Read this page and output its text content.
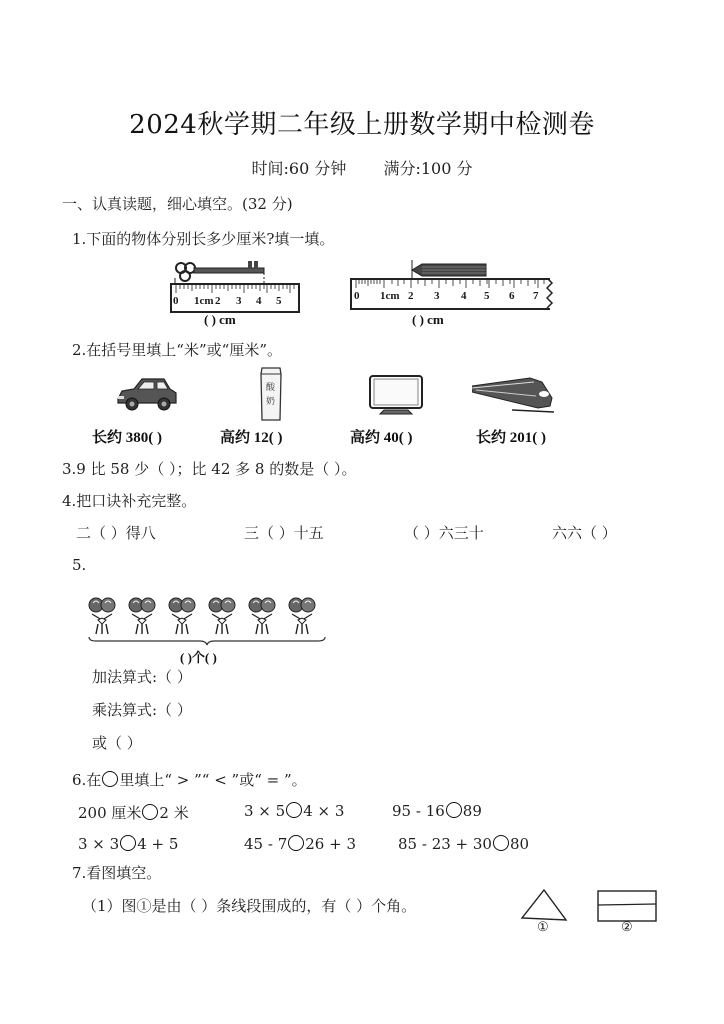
2024秋学期二年级上册数学期中检测卷
时间:60 分钟 满分:100 分
一、认真读题，细心填空。(32 分)
1.下面的物体分别长多少厘米?填一填。
0 1cm 2 3 4 5
( ) cm
0 1cm 2 3 4 5 6 7
( ) cm
2.在括号里填上“米”或“厘米”。
酸
奶
长约 380( )	高约 12( )	高约 40( )	长约 201( )
3.9 比 58 少（ ）；比 42 多 8 的数是（ ）。
4.把口诀补充完整。
二（ ）得八	三（ ）十五	（ ）六三十	六六（ ）
5.
( )个( )
加法算式:（ ）
乘法算式:（ ）
或（ ）
6.在 里填上“ > ”“ < ”或“ = ”。
200 厘米 2 米	3 × 5 4 × 3	95 - 16 89
3 × 3 4 + 5	45 - 7 26 + 3	85 - 23 + 30 80
7.看图填空。
（1）图①是由（ ）条线段围成的，有（ ）个角。
①	②
